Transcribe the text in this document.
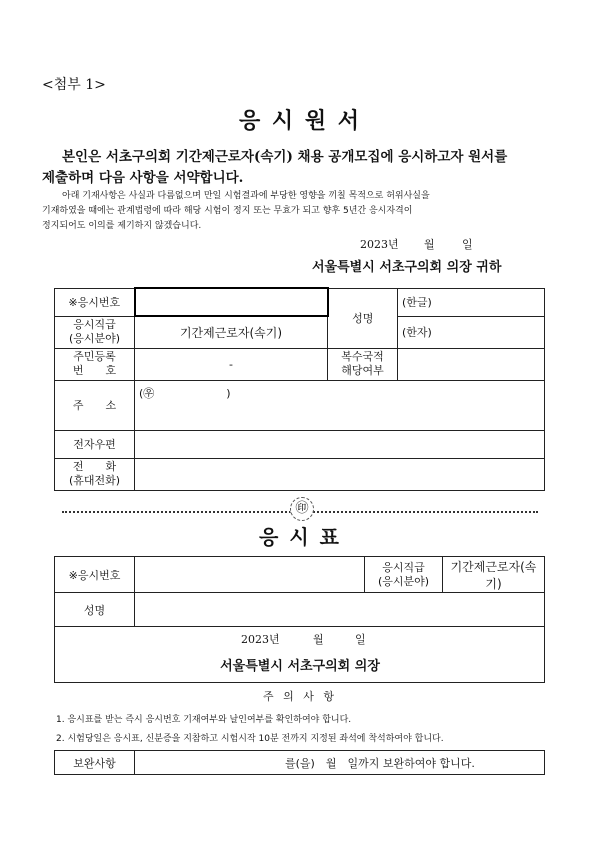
<첨부 1>
응 시 원 서
본인은 서초구의회 기간제근로자(속기) 채용 공개모집에 응시하고자 원서를
제출하며 다음 사항을 서약합니다.
아래 기재사항은 사실과 다름없으며 만일 시험결과에 부당한 영향을 끼칠 목적으로 허위사실을
기재하였을 때에는 관계법령에 따라 해당 시험이 정지 또는 무효가 되고 향후 5년간 응시자격이
정지되어도 이의를 제기하지 않겠습니다.
2023년 월 일
서울특별시 서초구의회 의장 귀하
※응시번호		성명	(한글)
응시직급
(응시분야)	기간제근로자(속기)		(한자)
주민등록
번　　호	-	복수국적
해당여부	
주　　소	(㉾ )		
전자우편			
전　　화
(휴대전화)			
㊞
응 시 표
※응시번호		응시직급
(응시분야)	기간제근로자(속기)
성명			

2023년 월 일
서울특별시 서초구의회 의장			
주 의 사 항
1. 응시표를 받는 즉시 응시번호 기재여부와 날인여부를 확인하여야 합니다.
2. 시험당일은 응시표, 신분증을 지참하고 시험시작 10분 전까지 지정된 좌석에 착석하여야 합니다.
보완사항	를(을)　월　일까지 보완하여야 합니다.
